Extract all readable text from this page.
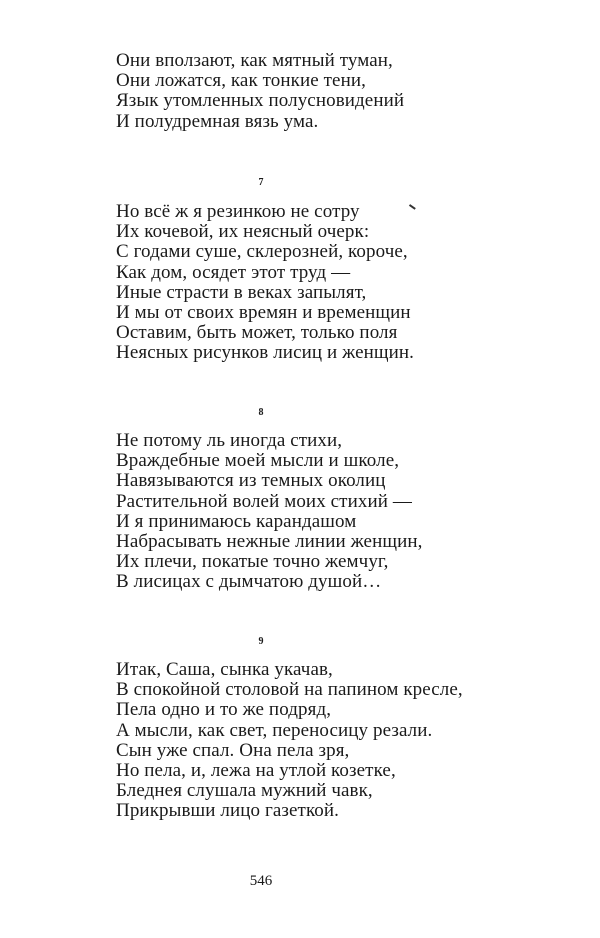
Они вползают, как мятный туман,
Они ложатся, как тонкие тени,
Язык утомленных полусновидений
И полудремная вязь ума.
7
Но всё ж я резинкою не сотру
Их кочевой, их неясный очерк:
С годами суше, склерозней, короче,
Как дом, осядет этот труд —
Иные страсти в веках запылят,
И мы от своих времян и временщин
Оставим, быть может, только поля
Неясных рисунков лисиц и женщин.
8
Не потому ль иногда стихи,
Враждебные моей мысли и школе,
Навязываются из темных околиц
Растительной волей моих стихий —
И я принимаюсь карандашом
Набрасывать нежные линии женщин,
Их плечи, покатые точно жемчуг,
В лисицах с дымчатою душой…
9
Итак, Саша, сынка укачав,
В спокойной столовой на папином кресле,
Пела одно и то же подряд,
А мысли, как свет, переносицу резали.
Сын уже спал. Она пела зря,
Но пела, и, лежа на утлой козетке,
Бледнея слушала мужний чавк,
Прикрывши лицо газеткой.
546
